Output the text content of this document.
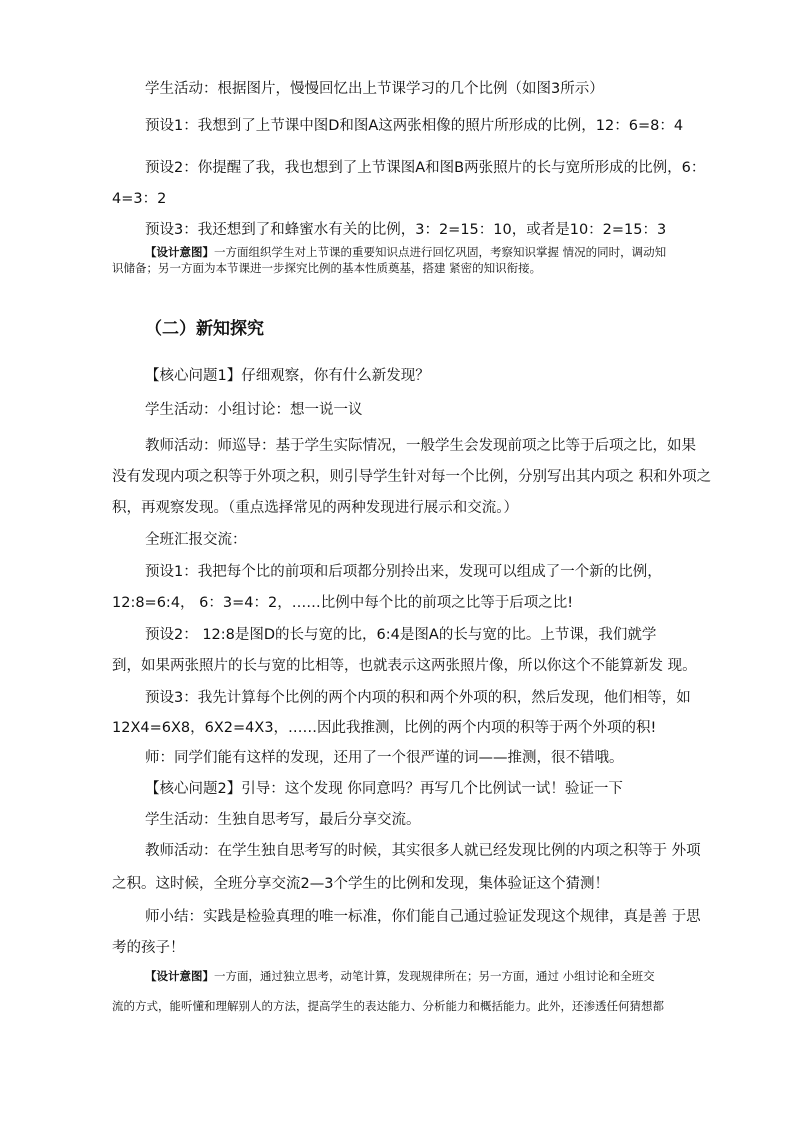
学生活动：根据图片，慢慢回忆出上节课学习的几个比例（如图3所示）
预设1：我想到了上节课中图D和图A这两张相像的照片所形成的比例，12：6=8：4
预设2：你提醒了我，我也想到了上节课图A和图B两张照片的长与宽所形成的比例，6：
4=3：2
预设3：我还想到了和蜂蜜水有关的比例，3：2=15：10，或者是10：2=15：3
【设计意图】一方面组织学生对上节课的重要知识点进行回忆巩固，考察知识掌握 情况的同时，调动知
识储备；另一方面为本节课进一步探究比例的基本性质奠基，搭建 紧密的知识衔接。
（二）新知探究
【核心问题1】仔细观察，你有什么新发现？
学生活动：小组讨论：想一说一议
教师活动：师巡导：基于学生实际情况，一般学生会发现前项之比等于后项之比，如果
没有发现内项之积等于外项之积，则引导学生针对每一个比例，分别写出其内项之 积和外项之
积，再观察发现。（重点选择常见的两种发现进行展示和交流。）
全班汇报交流：
预设1：我把每个比的前项和后项都分别拎出来，发现可以组成了一个新的比例，
12:8=6:4， 6：3=4：2，……比例中每个比的前项之比等于后项之比!
预设2： 12:8是图D的长与宽的比，6:4是图A的长与宽的比。上节课，我们就学
到，如果两张照片的长与宽的比相等，也就表示这两张照片像，所以你这个不能算新发 现。
预设3：我先计算每个比例的两个内项的积和两个外项的积，然后发现，他们相等，如
12X4=6X8，6X2=4X3，……因此我推测，比例的两个内项的积等于两个外项的积!
师：同学们能有这样的发现，还用了一个很严谨的词——推测，很不错哦。
【核心问题2】引导：这个发现 你同意吗？再写几个比例试一试！验证一下
学生活动：生独自思考写，最后分享交流。
教师活动：在学生独自思考写的时候，其实很多人就已经发现比例的内项之积等于 外项
之积。这时候，全班分享交流2—3个学生的比例和发现，集体验证这个猜测！
师小结：实践是检验真理的唯一标准，你们能自己通过验证发现这个规律，真是善 于思
考的孩子！
【设计意图】一方面，通过独立思考，动笔计算，发现规律所在；另一方面，通过 小组讨论和全班交
流的方式，能听懂和理解别人的方法，提高学生的表达能力、分析能力和概括能力。此外，还渗透任何猜想都
